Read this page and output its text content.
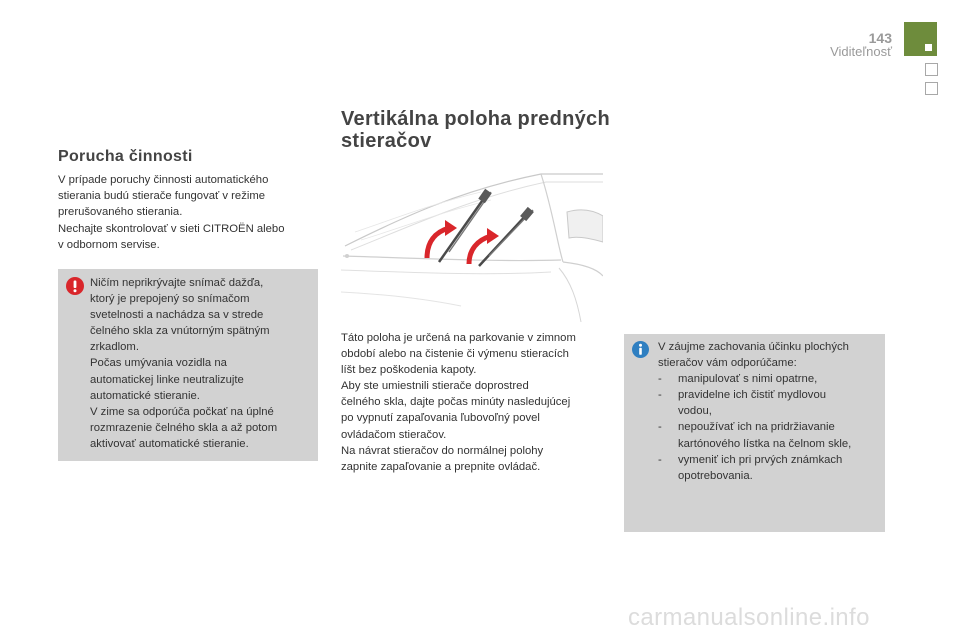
143
Viditeľnosť
Porucha činnosti
V prípade poruchy činnosti automatického
stierania budú stierače fungovať v režime
prerušovaného stierania.
Nechajte skontrolovať v sieti CITROËN alebo
v odbornom servise.
Ničím neprikrývajte snímač dažďa,
ktorý je prepojený so snímačom
svetelnosti a nachádza sa v strede
čelného skla za vnútorným spätným
zrkadlom.
Počas umývania vozidla na
automatickej linke neutralizujte
automatické stieranie.
V zime sa odporúča počkať na úplné
rozmrazenie čelného skla a až potom
aktivovať automatické stieranie.
Vertikálna poloha predných
stieračov
Táto poloha je určená na parkovanie v zimnom
období alebo na čistenie či výmenu stieracích
líšt bez poškodenia kapoty.
Aby ste umiestnili stierače doprostred
čelného skla, dajte počas minúty nasledujúcej
po vypnutí zapaľovania ľubovoľný povel
ovládačom stieračov.
Na návrat stieračov do normálnej polohy
zapnite zapaľovanie a prepnite ovládač.
V záujme zachovania účinku plochých
stieračov vám odporúčame:
- manipulovať s nimi opatrne,
- pravidelne ich čistiť mydlovou
vodou,
- nepoužívať ich na pridržiavanie
kartónového lístka na čelnom skle,
- vymeniť ich pri prvých známkach
opotrebovania.
carmanualsonline.info
